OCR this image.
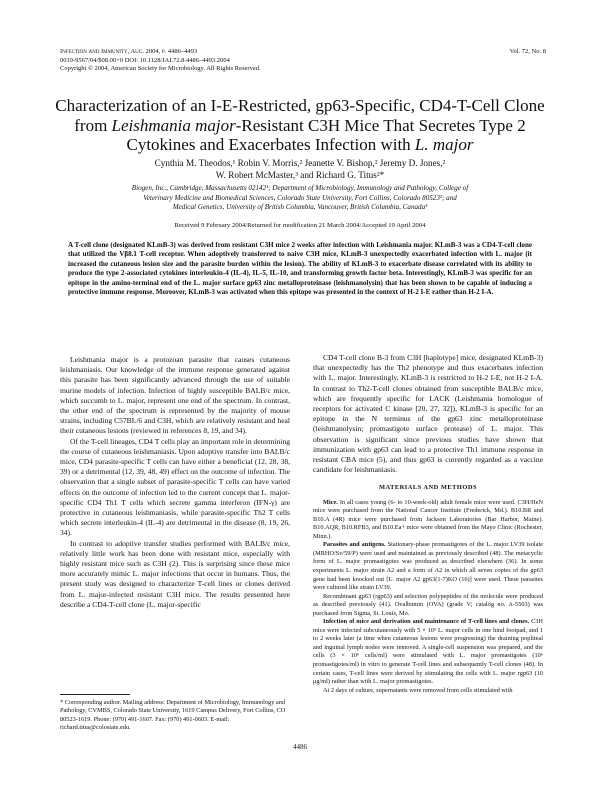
Infection and Immunity, Aug. 2004, p. 4486–4493
0019-9567/04/$08.00+0 DOI: 10.1128/IAI.72.8.4486–4493.2004
Copyright © 2004, American Society for Microbiology. All Rights Reserved.
Vol. 72, No. 8
Characterization of an I-E-Restricted, gp63-Specific, CD4-T-Cell Clone
from Leishmania major-Resistant C3H Mice That Secretes Type 2
Cytokines and Exacerbates Infection with L. major
Cynthia M. Theodos,¹ Robin V. Morris,² Jeanette V. Bishop,² Jeremy D. Jones,²
W. Robert McMaster,³ and Richard G. Titus²*
Biogen, Inc., Cambridge, Massachusetts 02142¹; Department of Microbiology, Immunology and Pathology, College of
Veterinary Medicine and Biomedical Sciences, Colorado State University, Fort Collins, Colorado 80523²; and
Medical Genetics, University of British Columbia, Vancouver, British Columbia, Canada³
Received 9 February 2004/Returned for modification 21 March 2004/Accepted 19 April 2004
A T-cell clone (designated KLmB-3) was derived from resistant C3H mice 2 weeks after infection with Leishmania major. KLmB-3 was a CD4-T-cell clone that utilized the Vβ8.1 T-cell receptor. When adoptively transferred to naive C3H mice, KLmB-3 unexpectedly exacerbated infection with L. major (it increased the cutaneous lesion size and the parasite burden within the lesion). The ability of KLmB-3 to exacerbate disease correlated with its ability to produce the type 2-associated cytokines interleukin-4 (IL-4), IL-5, IL-10, and transforming growth factor beta. Interestingly, KLmB-3 was specific for an epitope in the amino-terminal end of the L. major surface gp63 zinc metalloproteinase (leishmanolysin) that has been shown to be capable of inducing a protective immune response. Moreover, KLmB-3 was activated when this epitope was presented in the context of H-2 I-E rather than H-2 I-A.

Leishmania major is a protozoan parasite that causes cutaneous leishmaniasis. Our knowledge of the immune response generated against this parasite has been significantly advanced through the use of suitable murine models of infection. Infection of highly susceptible BALB/c mice, which succumb to L. major, represent one end of the spectrum. In contrast, the other end of the spectrum is represented by the majority of mouse strains, including C57BL/6 and C3H, which are relatively resistant and heal their cutaneous lesions (reviewed in references 8, 19, and 34).

Of the T-cell lineages, CD4 T cells play an important role in determining the course of cutaneous leishmaniasis. Upon adoptive transfer into BALB/c mice, CD4 parasite-specific T cells can have either a beneficial (12, 28, 38, 39) or a detrimental (12, 39, 48, 49) effect on the outcome of infection. The observation that a single subset of parasite-specific T cells can have varied effects on the outcome of infection led to the current concept that L. major-specific CD4 Th1 T cells which secrete gamma interferon (IFN-γ) are protective in cutaneous leishmaniasis, while parasite-specific Th2 T cells which secrete interleukin-4 (IL-4) are detrimental in the disease (8, 19, 26, 34).

In contrast to adoptive transfer studies performed with BALB/c mice, relatively little work has been done with resistant mice, especially with highly resistant mice such as C3H (2). This is surprising since these mice more accurately mimic L. major infections that occur in humans. Thus, the present study was designed to characterize T-cell lines or clones derived from L. major-infected resistant C3H mice. The results presented here describe a CD4-T-cell clone (L. major-specific

CD4 T-cell clone B-3 from C3H [haplotype] mice, designated KLmB-3) that unexpectedly has the Th2 phenotype and thus exacerbates infection with L. major. Interestingly, KLmB-3 is restricted to H-2 I-E, not H-2 I-A. In contrast to Th2-T-cell clones obtained from susceptible BALB/c mice, which are frequently specific for LACK (Leishmania homologue of receptors for activated C kinase [20, 27, 32]), KLmB-3 is specific for an epitope in the N terminus of the gp63 zinc metalloproteinase (leishmanolysin; promastigote surface protease) of L. major. This observation is significant since previous studies have shown that immunization with gp63 can lead to a protective Th1 immune response in resistant CBA mice (5), and thus gp63 is currently regarded as a vaccine candidate for leishmaniasis.

MATERIALS AND METHODS

Mice. In all cases young (6- to 10-week-old) adult female mice were used. C3H/HeN mice were purchased from the National Cancer Institute (Frederick, Md.). B10.BR and B10.A (4R) mice were purchased from Jackson Laboratories (Bar Harbor, Maine). B10.AQR, B10.RFB3, and B10.Ea+ mice were obtained from the Mayo Clinic (Rochester, Minn.).

Parasites and antigens. Stationary-phase promastigotes of the L. major LV39 isolate (MRHO/Sv/59/P) were used and maintained as previously described (48). The metacyclic form of L. major promastigotes was produced as described elsewhere (36). In some experiments L. major strain A2 and a form of A2 in which all seven copies of the gp63 gene had been knocked out [L. major A2 gp63(1-7)KO (16)] were used. These parasites were cultured like strain LV39.

Recombinant gp63 (rgp63) and selection polypeptides of the molecule were produced as described previously (41). Ovalbumin (OVA) (grade V; catalog no. A-5503) was purchased from Sigma, St. Louis, Mo.

Infection of mice and derivation and maintenance of T-cell lines and clones. C3H mice were infected subcutaneously with 5 × 10⁵ L. major cells in one hind footpad, and 1 to 2 weeks later (a time when cutaneous lesions were progressing) the draining popliteal and inguinal lymph nodes were removed. A single-cell suspension was prepared, and the cells (3 × 10⁶ cells/ml) were stimulated with L. major promastigotes (10⁶ promastigotes/ml) in vitro to generate T-cell lines and subsequently T-cell clones (48). In certain cases, T-cell lines were derived by stimulating the cells with L. major rgp63 (10 μg/ml) rather than with L. major promastigotes.

At 2 days of culture, supernatants were removed from cells stimulated with

* Corresponding author. Mailing address: Department of Microbiology, Immunology and Pathology, CVMBS, Colorado State University, 1619 Campus Delivery, Fort Collins, CO 80523-1619. Phone: (970) 491-1607. Fax: (970) 491-0603. E-mail: richard.titus@colostate.edu.
4486
